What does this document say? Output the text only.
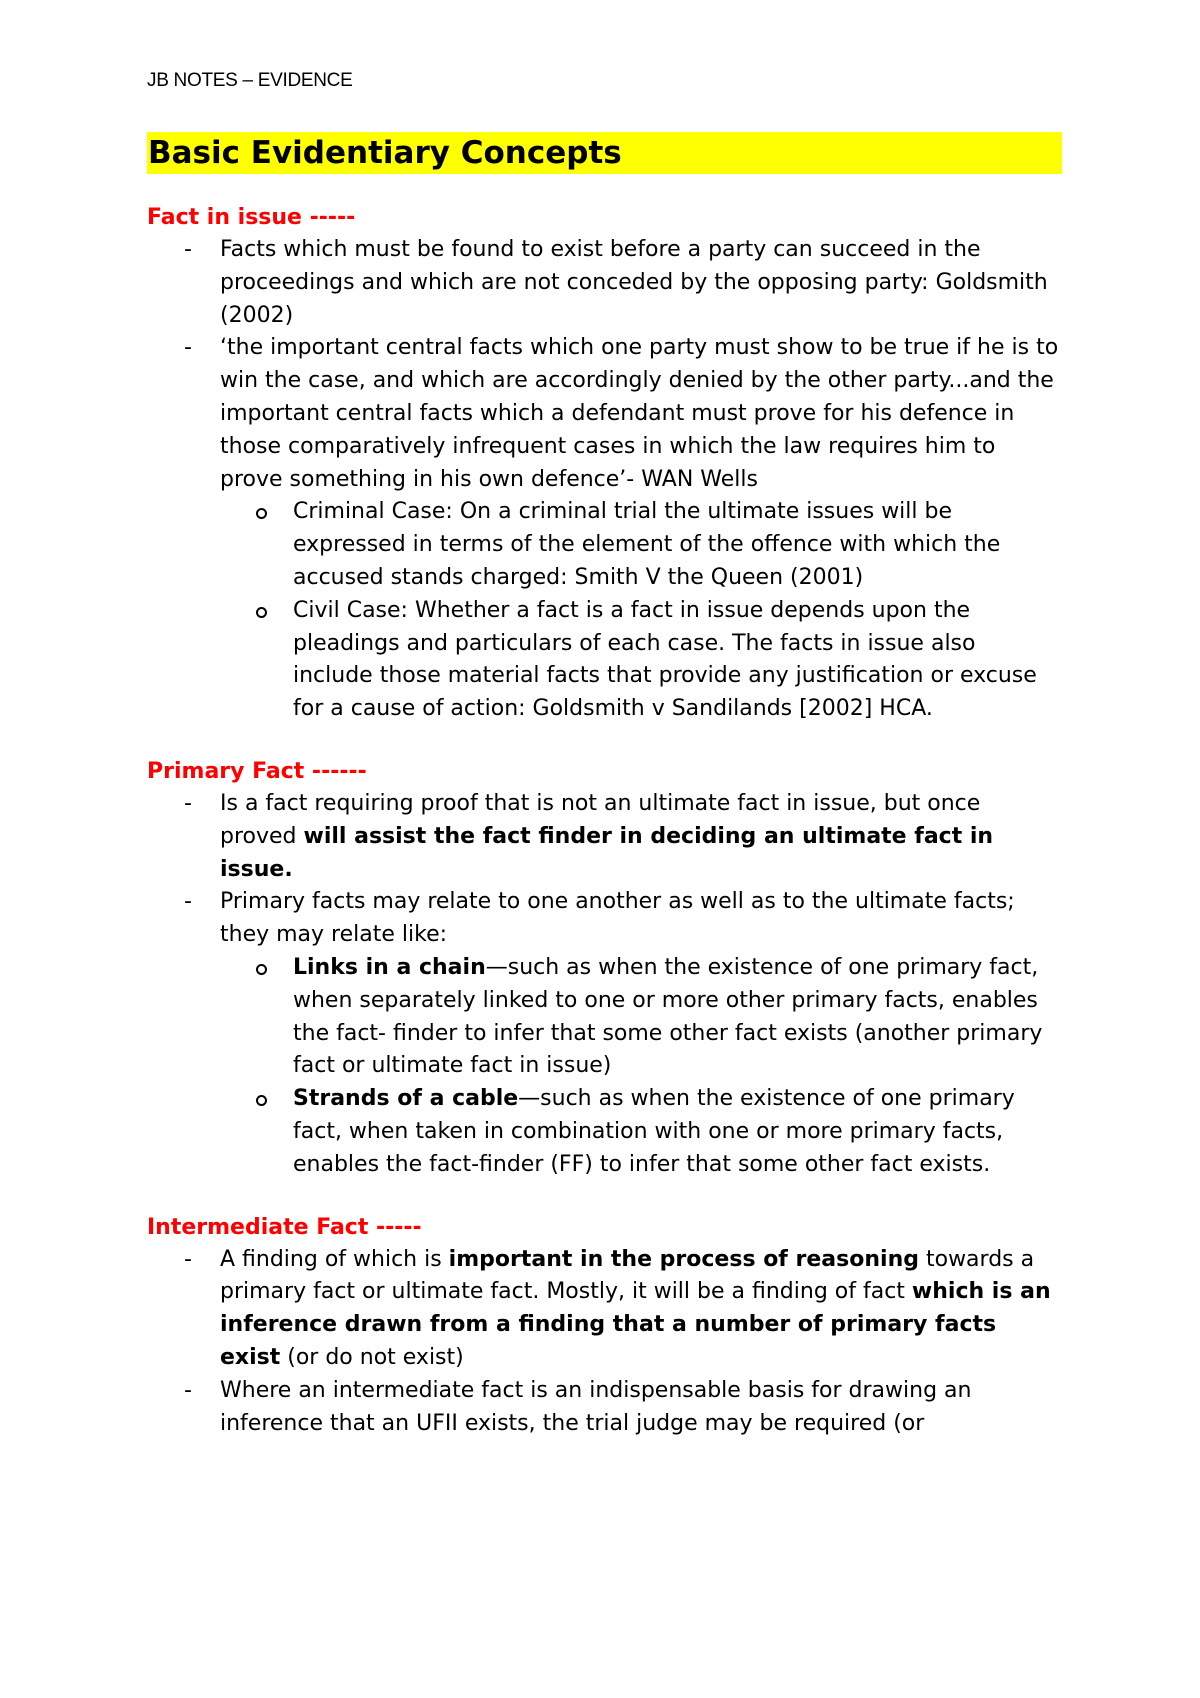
JB NOTES – EVIDENCE
Basic Evidentiary Concepts
Fact in issue -----
- Facts which must be found to exist before a party can succeed in the proceedings and which are not conceded by the opposing party: Goldsmith (2002)
- ‘the important central facts which one party must show to be true if he is to win the case, and which are accordingly denied by the other party...and the important central facts which a defendant must prove for his defence in those comparatively infrequent cases in which the law requires him to prove something in his own defence’- WAN Wells
Criminal Case: On a criminal trial the ultimate issues will be expressed in terms of the element of the offence with which the accused stands charged: Smith V the Queen (2001)
Civil Case: Whether a fact is a fact in issue depends upon the pleadings and particulars of each case. The facts in issue also include those material facts that provide any justification or excuse for a cause of action: Goldsmith v Sandilands [2002] HCA.
Primary Fact ------
- Is a fact requiring proof that is not an ultimate fact in issue, but once proved will assist the fact finder in deciding an ultimate fact in issue.
- Primary facts may relate to one another as well as to the ultimate facts; they may relate like:
Links in a chain—such as when the existence of one primary fact, when separately linked to one or more other primary facts, enables the fact- finder to infer that some other fact exists (another primary fact or ultimate fact in issue)
Strands of a cable—such as when the existence of one primary fact, when taken in combination with one or more primary facts, enables the fact-finder (FF) to infer that some other fact exists.
Intermediate Fact -----
- A finding of which is important in the process of reasoning towards a primary fact or ultimate fact. Mostly, it will be a finding of fact which is an inference drawn from a finding that a number of primary facts exist (or do not exist)
- Where an intermediate fact is an indispensable basis for drawing an inference that an UFII exists, the trial judge may be required (or
